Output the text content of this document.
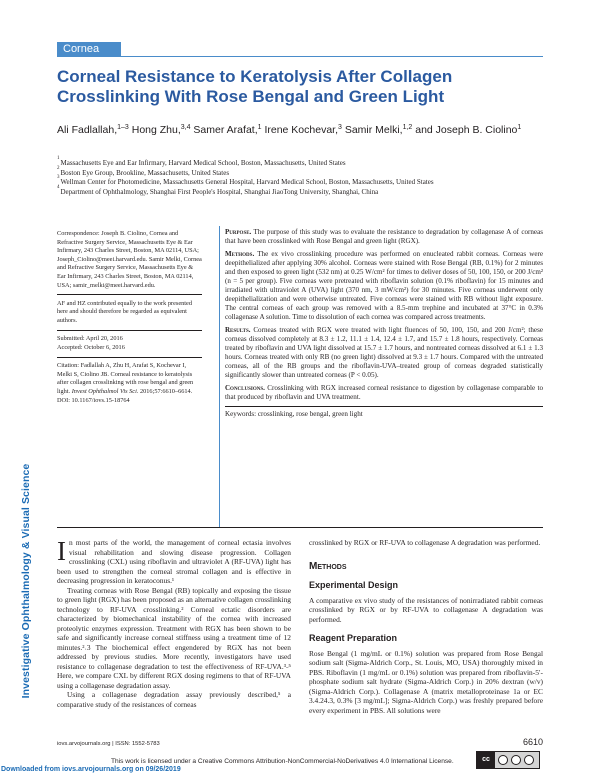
Investigative Ophthalmology & Visual Science
Cornea
Corneal Resistance to Keratolysis After Collagen Crosslinking With Rose Bengal and Green Light
Ali Fadlallah,$^{1-3}$ Hong Zhu,$^{3,4}$ Samer Arafat,$^1$ Irene Kochevar,$^3$ Samir Melki,$^{1,2}$ and Joseph B. Ciolino$^1$
1
Massachusetts Eye and Ear Infirmary, Harvard Medical School, Boston, Massachusetts, United States
2
Boston Eye Group, Brookline, Massachusetts, United States
3
Wellman Center for Photomedicine, Massachusetts General Hospital, Harvard Medical School, Boston, Massachusetts, United States
4
Department of Ophthalmology, Shanghai First People's Hospital, Shanghai JiaoTong University, Shanghai, China

Correspondence: Joseph B. Ciolino, Cornea and Refractive Surgery Service, Massachusetts Eye & Ear Infirmary, 243 Charles Street, Boston, MA 02114, USA; Joseph_Ciolino@meei.harvard.edu. Samir Melki, Cornea and Refractive Surgery Service, Massachusetts Eye & Ear Infirmary, 243 Charles Street, Boston, MA 02114, USA; samir_melki@meei.harvard.edu.

AF and HZ contributed equally to the work presented here and should therefore be regarded as equivalent authors.

Submitted: April 20, 2016

Accepted: October 6, 2016

Citation: Fadlallah A, Zhu H, Arafat S, Kochevar I, Melki S, Ciolino JB. Corneal resistance to keratolysis after collagen crosslinking with rose bengal and green light. Invest Ophthalmol Vis Sci. 2016;57:6610–6614. DOI: 10.1167/iovs.15-18764

Purpose. The purpose of this study was to evaluate the resistance to degradation by collagenase A of corneas that have been crosslinked with Rose Bengal and green light (RGX).

Methods. The ex vivo crosslinking procedure was performed on enucleated rabbit corneas. Corneas were deepithelialized after applying 30% alcohol. Corneas were stained with Rose Bengal (RB, 0.1%) for 2 minutes and then exposed to green light (532 nm) at 0.25 W/cm² for times to deliver doses of 50, 100, 150, or 200 J/cm² (n = 5 per group). Five corneas were pretreated with riboflavin solution (0.1% riboflavin) for 15 minutes and irradiated with ultraviolet A (UVA) light (370 nm, 3 mW/cm²) for 30 minutes. Five corneas underwent only deepithelialization and were otherwise untreated. Five corneas were stained with RB without light exposure. The central corneas of each group was removed with a 8.5-mm trephine and incubated at 37°C in 0.3% collagenase A solution. Time to dissolution of each cornea was compared across treatments.

Results. Corneas treated with RGX were treated with light fluences of 50, 100, 150, and 200 J/cm²; these corneas dissolved completely at 8.3 ± 1.2, 11.1 ± 1.4, 12.4 ± 1.7, and 15.7 ± 1.8 hours, respectively. Corneas treated by riboflavin and UVA light dissolved at 15.7 ± 1.7 hours, and nontreated corneas dissolved at 6.1 ± 1.3 hours. Corneas treated with only RB (no green light) dissolved at 9.3 ± 1.7 hours. Compared with the untreated corneas, all of the RB groups and the riboflavin-UVA–treated group of corneas degraded statistically significantly slower than untreated corneas (P < 0.05).

Conclusions. Crosslinking with RGX increased corneal resistance to digestion by collagenase comparable to that produced by riboflavin and UVA treatment.

Keywords: crosslinking, rose bengal, green light

In most parts of the world, the management of corneal ectasia involves visual rehabilitation and slowing disease progression. Collagen crosslinking (CXL) using riboflavin and ultraviolet A (RF-UVA) light has been used to strengthen the corneal stromal collagen and is effective in decreasing progression in keratoconus.¹

Treating corneas with Rose Bengal (RB) topically and exposing the tissue to green light (RGX) has been proposed as an alternative collagen crosslinking technology to RF-UVA crosslinking.² Corneal ectatic disorders are characterized by biomechanical instability of the cornea with increased proteolytic enzymes expression. Treatment with RGX has been shown to be safe and significantly increase corneal stiffness using a treatment time of 12 minutes.²˒3 The biochemical effect engendered by RGX has not been addressed by previous studies. More recently, investigators have used resistance to collagenase degradation to test the effectiveness of RF-UVA.³˗⁵ Here, we compare CXL by different RGX dosing regimens to that of RF-UVA using a collagenase degradation assay.

Using a collagenase degradation assay previously described,⁵ a comparative study of the resistances of corneas

crosslinked by RGX or RF-UVA to collagenase A degradation was performed.

Methods
Experimental Design

A comparative ex vivo study of the resistances of nonirradiated rabbit corneas crosslinked by RGX or by RF-UVA to collagenase A degradation was performed.

Reagent Preparation

Rose Bengal (1 mg/mL or 0.1%) solution was prepared from Rose Bengal sodium salt (Sigma-Aldrich Corp., St. Louis, MO, USA) thoroughly mixed in PBS. Riboflavin (1 mg/mL or 0.1%) solution was prepared from riboflavin-5′-phosphate sodium salt hydrate (Sigma-Aldrich Corp.) in 20% dextran (w/v) (Sigma-Aldrich Corp.). Collagenase A (matrix metalloproteinase 1a or EC 3.4.24.3, 0.3% [3 mg/mL]; Sigma-Aldrich Corp.) was freshly prepared before every experiment in PBS. All solutions were

iovs.arvojournals.org | ISSN: 1552-5783	6610
This work is licensed under a Creative Commons Attribution-NonCommercial-NoDerivatives 4.0 International License.	cc
Downloaded from iovs.arvojournals.org on 09/26/2019
